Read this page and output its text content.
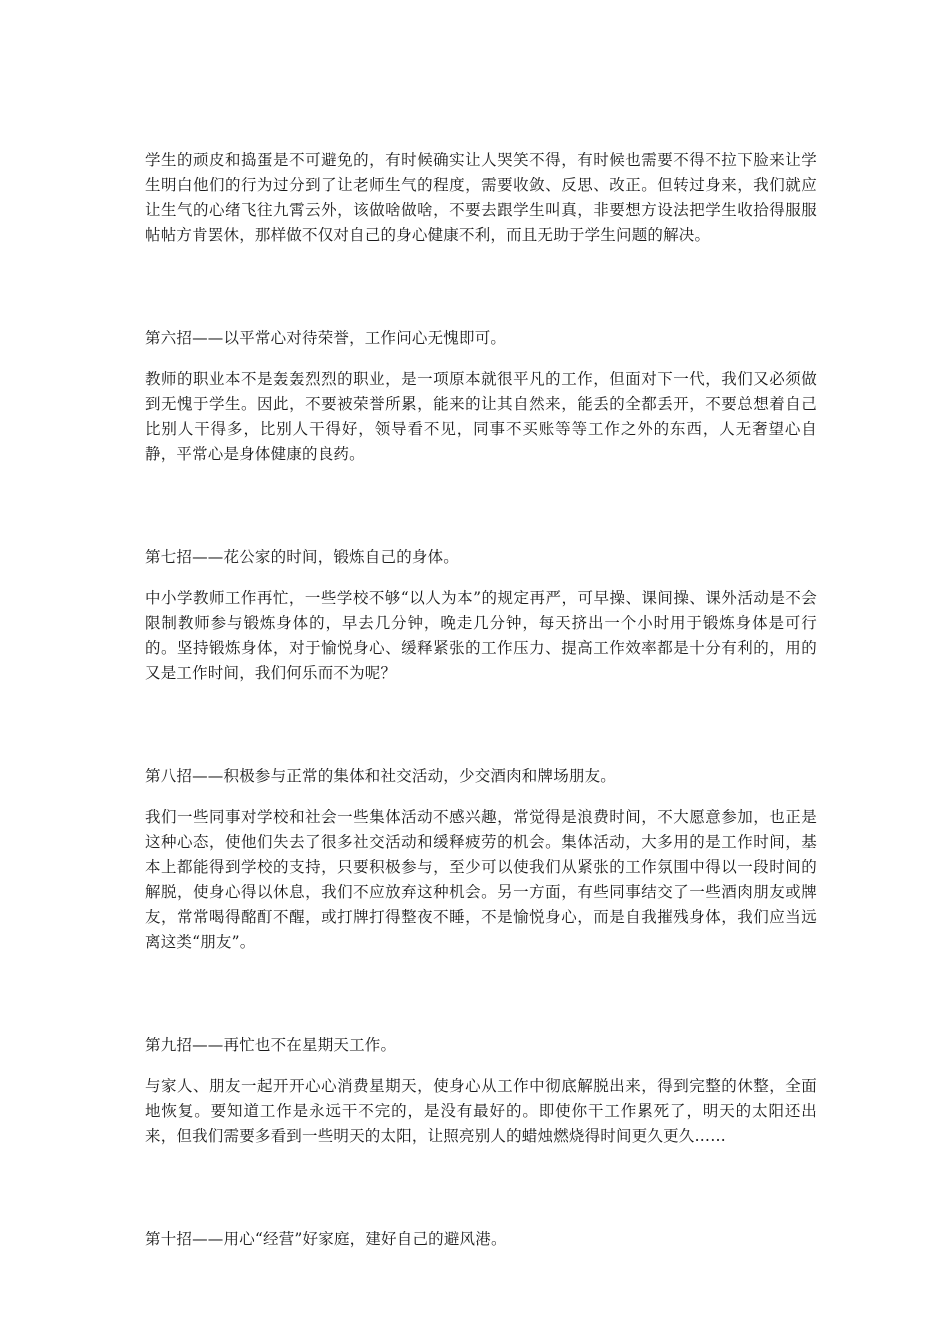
学生的顽皮和捣蛋是不可避免的，有时候确实让人哭笑不得，有时候也需要不得不拉下脸来让学生明白他们的行为过分到了让老师生气的程度，需要收敛、反思、改正。但转过身来，我们就应让生气的心绪飞往九霄云外，该做啥做啥，不要去跟学生叫真，非要想方设法把学生收拾得服服帖帖方肯罢休，那样做不仅对自己的身心健康不利，而且无助于学生问题的解决。

第六招——以平常心对待荣誉，工作问心无愧即可。

教师的职业本不是轰轰烈烈的职业，是一项原本就很平凡的工作，但面对下一代，我们又必须做到无愧于学生。因此，不要被荣誉所累，能来的让其自然来，能丢的全都丢开，不要总想着自己比别人干得多，比别人干得好，领导看不见，同事不买账等等工作之外的东西，人无奢望心自静，平常心是身体健康的良药。

第七招——花公家的时间，锻炼自己的身体。

中小学教师工作再忙，一些学校不够“以人为本”的规定再严，可早操、课间操、课外活动是不会限制教师参与锻炼身体的，早去几分钟，晚走几分钟，每天挤出一个小时用于锻炼身体是可行的。坚持锻炼身体，对于愉悦身心、缓释紧张的工作压力、提高工作效率都是十分有利的，用的又是工作时间，我们何乐而不为呢？

第八招——积极参与正常的集体和社交活动，少交酒肉和牌场朋友。

我们一些同事对学校和社会一些集体活动不感兴趣，常觉得是浪费时间，不大愿意参加，也正是这种心态，使他们失去了很多社交活动和缓释疲劳的机会。集体活动，大多用的是工作时间，基本上都能得到学校的支持，只要积极参与，至少可以使我们从紧张的工作氛围中得以一段时间的解脱，使身心得以休息，我们不应放弃这种机会。另一方面，有些同事结交了一些酒肉朋友或牌友，常常喝得酩酊不醒，或打牌打得整夜不睡，不是愉悦身心，而是自我摧残身体，我们应当远离这类“朋友”。

第九招——再忙也不在星期天工作。

与家人、朋友一起开开心心消费星期天，使身心从工作中彻底解脱出来，得到完整的休整，全面地恢复。要知道工作是永远干不完的，是没有最好的。即使你干工作累死了，明天的太阳还出来，但我们需要多看到一些明天的太阳，让照亮别人的蜡烛燃烧得时间更久更久……

第十招——用心“经营”好家庭，建好自己的避风港。
